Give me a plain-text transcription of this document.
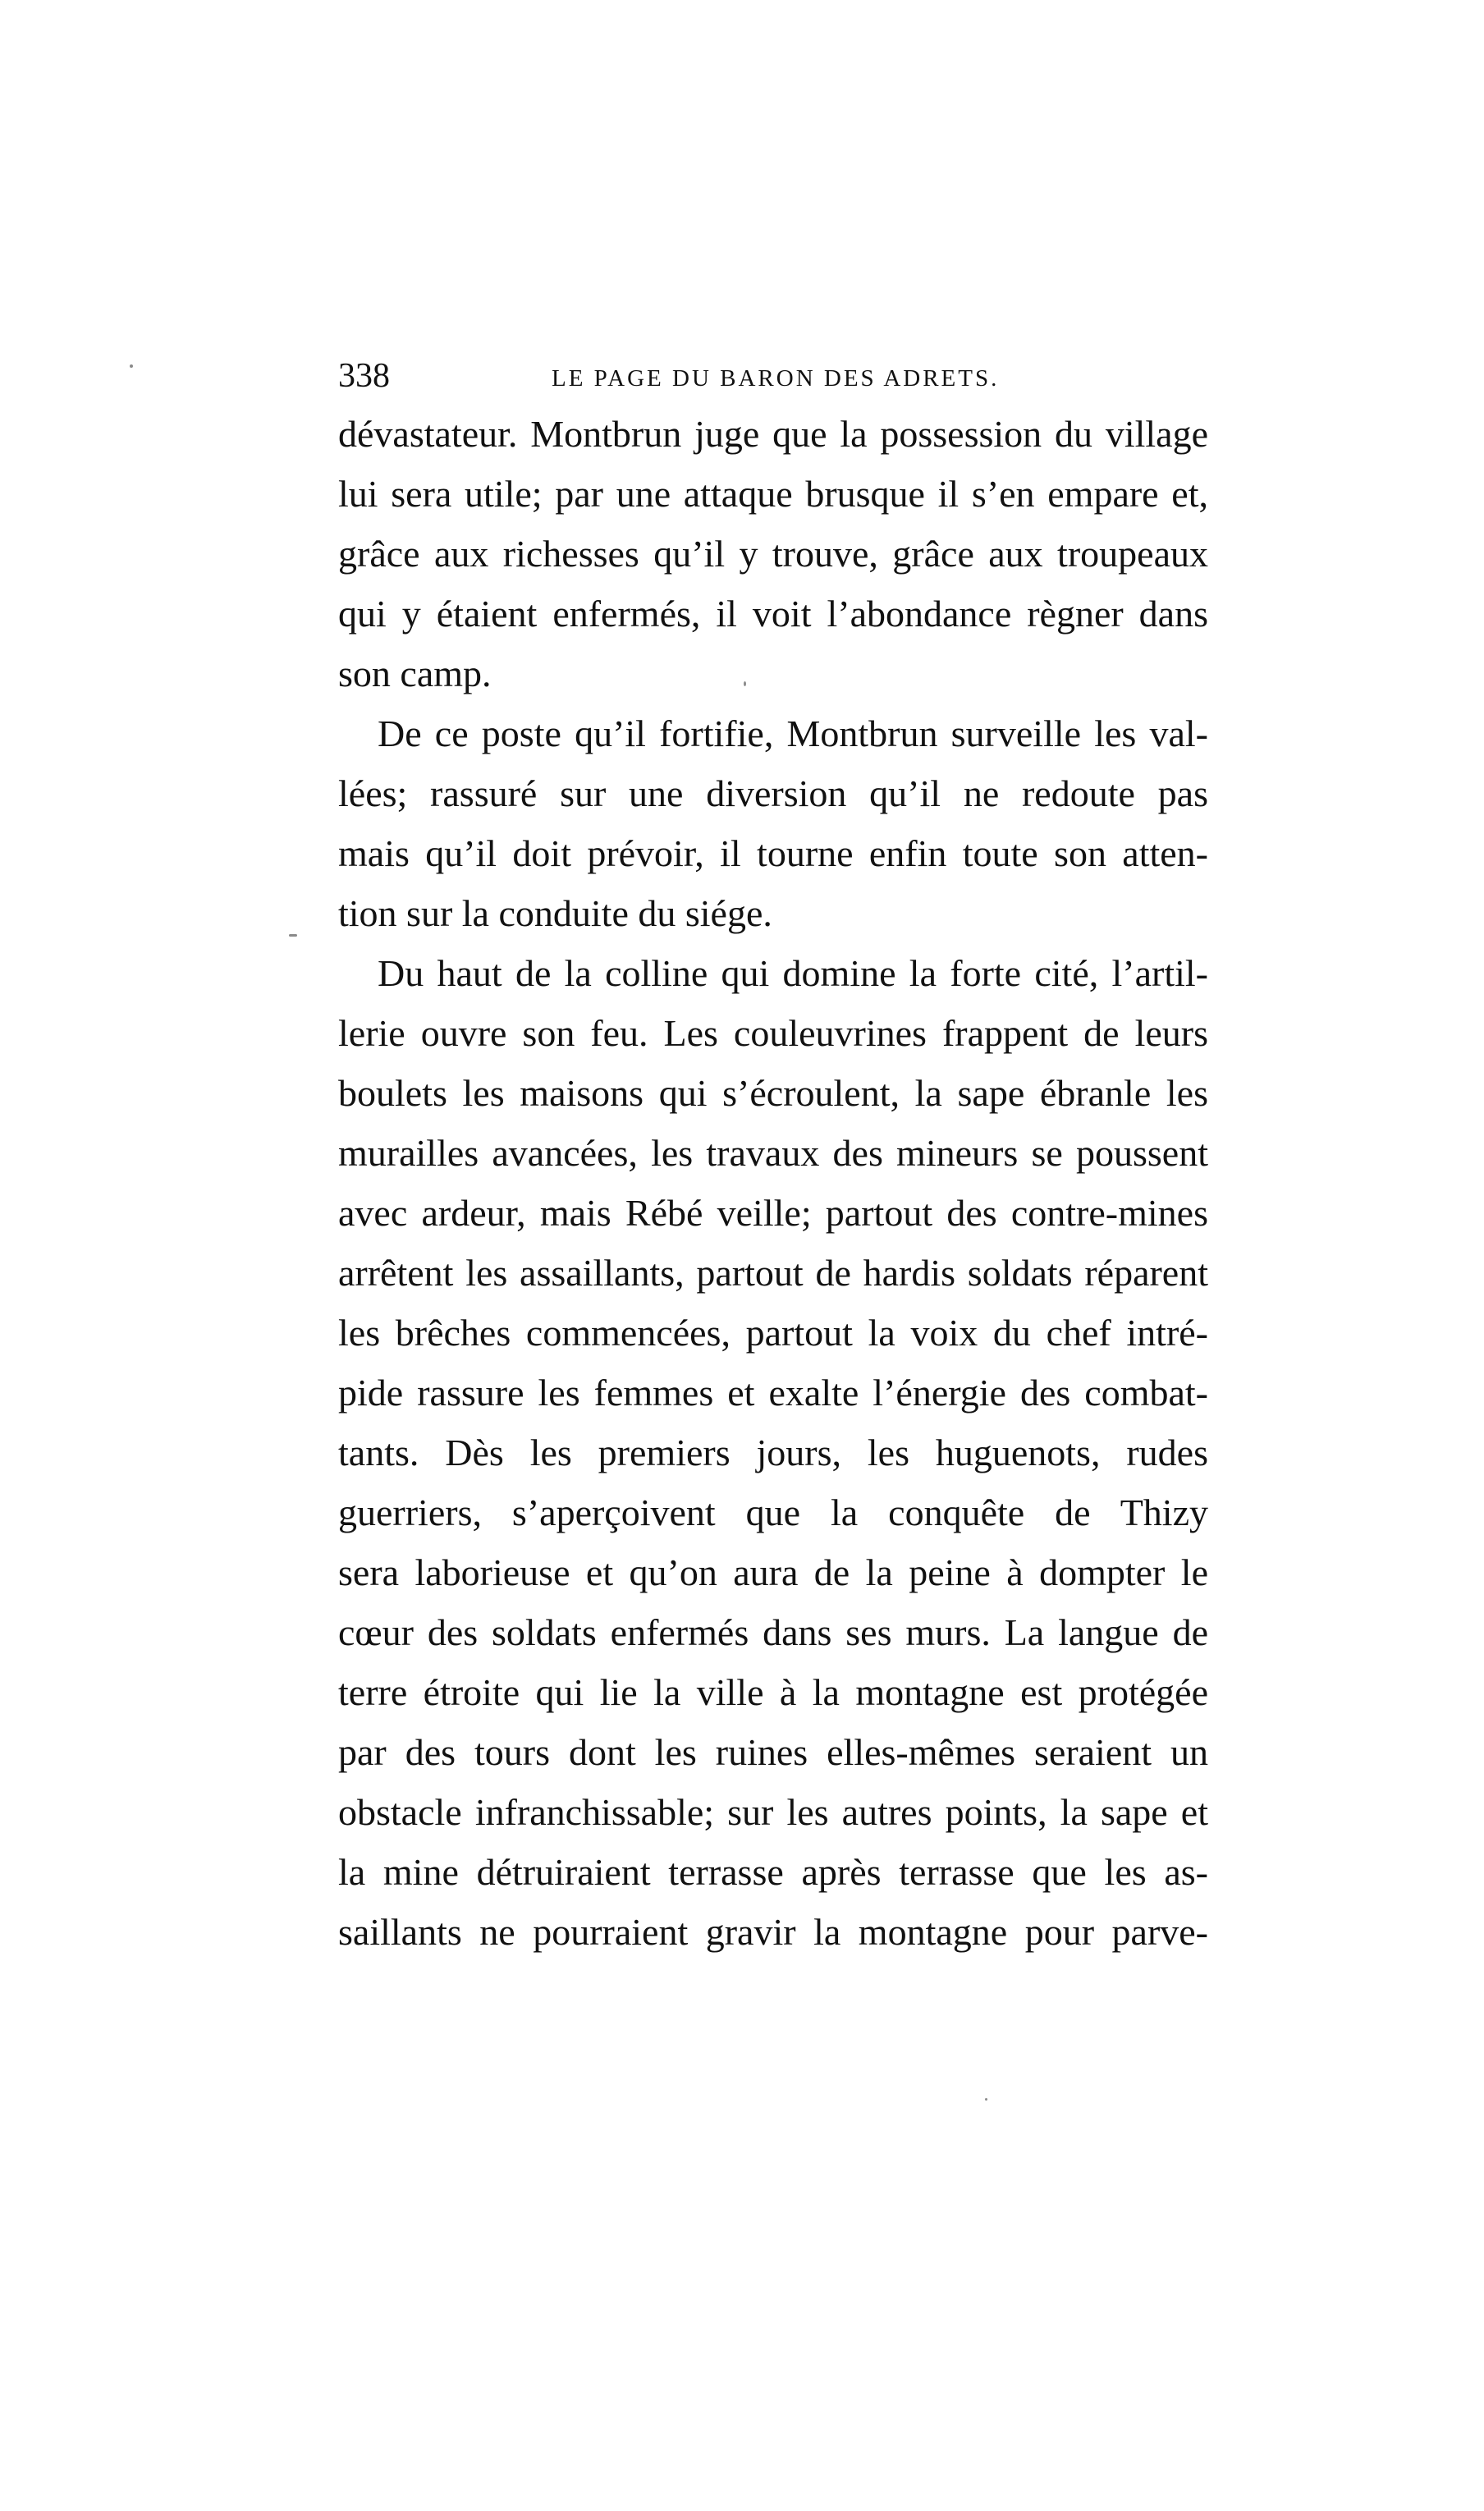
338	LE PAGE DU BARON DES ADRETS.
dévastateur. Montbrun juge que la possession du village
lui sera utile; par une attaque brusque il s’en empare et,
grâce aux richesses qu’il y trouve, grâce aux troupeaux
qui y étaient enfermés, il voit l’abondance règner dans
son camp.
De ce poste qu’il fortifie, Montbrun surveille les val-
lées; rassuré sur une diversion qu’il ne redoute pas
mais qu’il doit prévoir, il tourne enfin toute son atten-
tion sur la conduite du siége.
Du haut de la colline qui domine la forte cité, l’artil-
lerie ouvre son feu. Les couleuvrines frappent de leurs
boulets les maisons qui s’écroulent, la sape ébranle les
murailles avancées, les travaux des mineurs se poussent
avec ardeur, mais Rébé veille; partout des contre-mines
arrêtent les assaillants, partout de hardis soldats réparent
les brêches commencées, partout la voix du chef intré-
pide rassure les femmes et exalte l’énergie des combat-
tants. Dès les premiers jours, les huguenots, rudes
guerriers, s’aperçoivent que la conquête de Thizy
sera laborieuse et qu’on aura de la peine à dompter le
cœur des soldats enfermés dans ses murs. La langue de
terre étroite qui lie la ville à la montagne est protégée
par des tours dont les ruines elles-mêmes seraient un
obstacle infranchissable; sur les autres points, la sape et
la mine détruiraient terrasse après terrasse que les as-
saillants ne pourraient gravir la montagne pour parve-
